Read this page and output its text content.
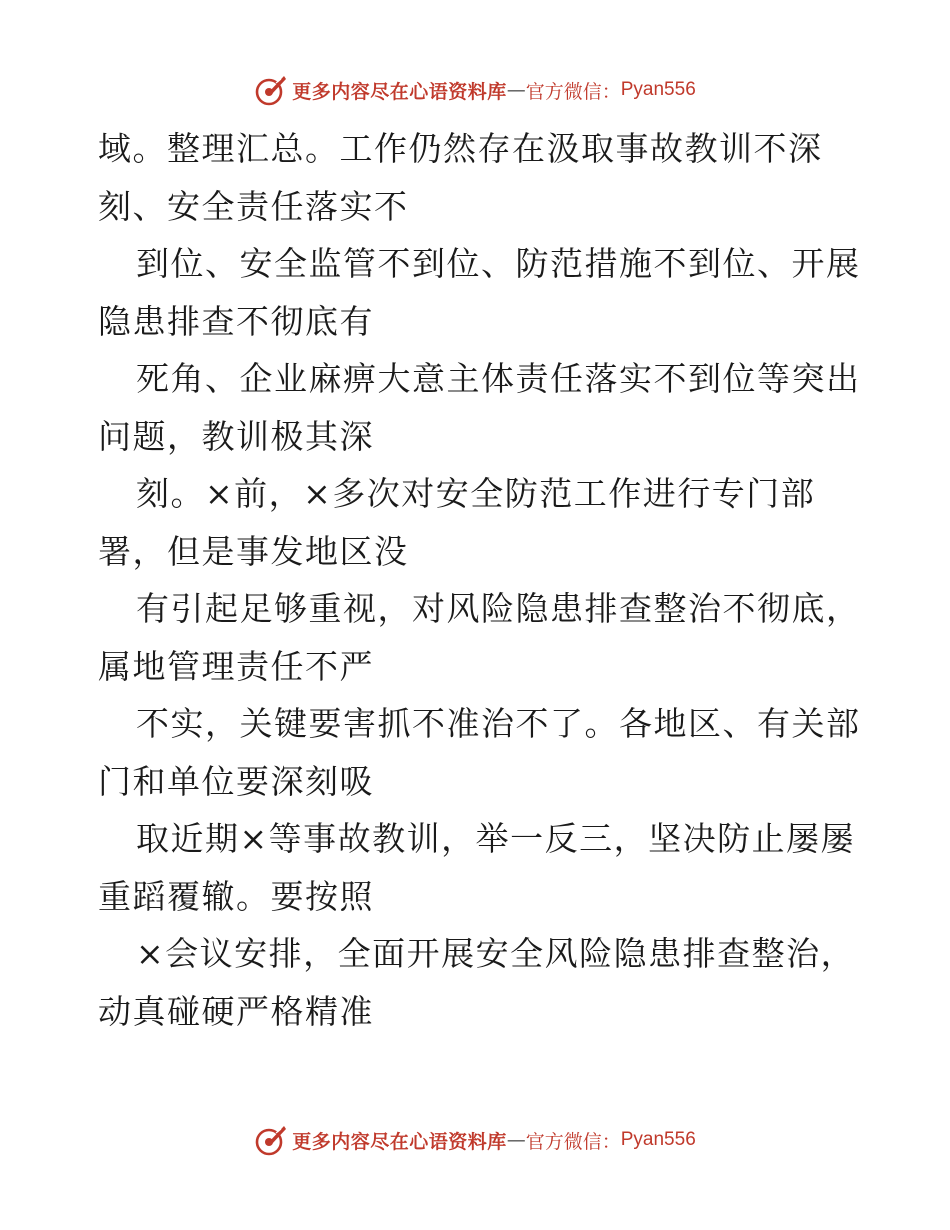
更多内容尽在心语资料库 — 官方微信： Pyan556
域。整理汇总。工作仍然存在汲取事故教训不深
刻、安全责任落实不
到位、安全监管不到位、防范措施不到位、开展
隐患排查不彻底有
死角、企业麻痹大意主体责任落实不到位等突出
问题，教训极其深
刻。×前，×多次对安全防范工作进行专门部
署，但是事发地区没
有引起足够重视，对风险隐患排查整治不彻底，
属地管理责任不严
不实，关键要害抓不准治不了。各地区、有关部
门和单位要深刻吸
取近期×等事故教训，举一反三，坚决防止屡屡
重蹈覆辙。要按照
×会议安排，全面开展安全风险隐患排查整治，
动真碰硬严格精准
更多内容尽在心语资料库 — 官方微信： Pyan556
